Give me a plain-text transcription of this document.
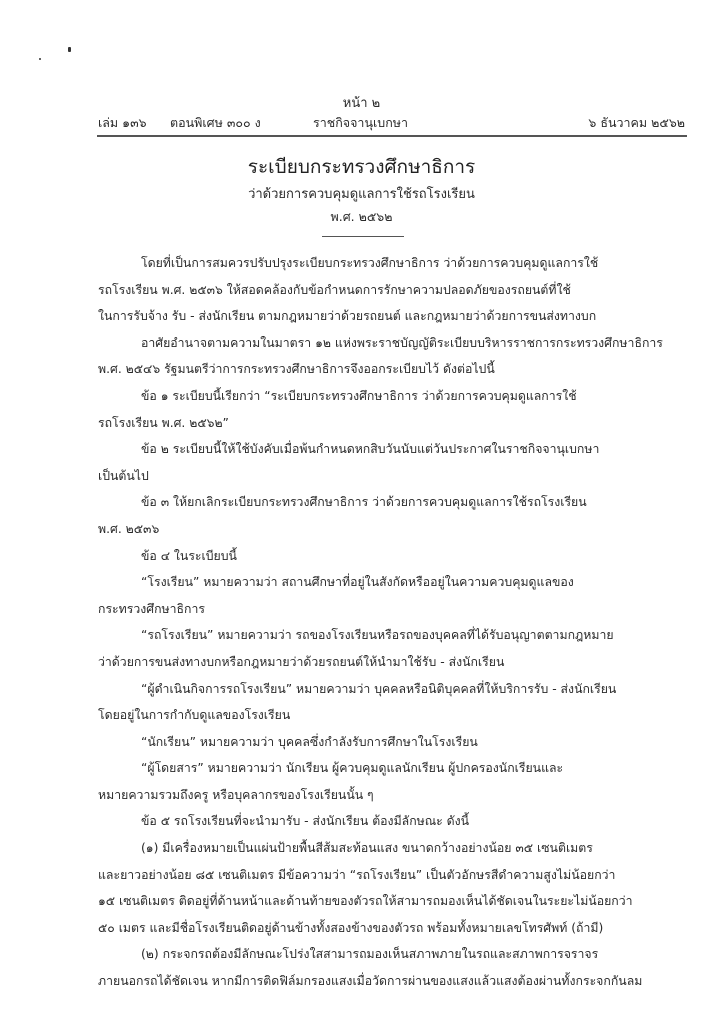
หน้า ๒
เล่ม ๑๓๖ ตอนพิเศษ ๓๐๐ ง	ราชกิจจานุเบกษา	๖ ธันวาคม ๒๕๖๒
ระเบียบกระทรวงศึกษาธิการ
ว่าด้วยการควบคุมดูแลการใช้รถโรงเรียน
พ.ศ. ๒๕๖๒
โดยที่เป็นการสมควรปรับปรุงระเบียบกระทรวงศึกษาธิการ ว่าด้วยการควบคุมดูแลการใช้
รถโรงเรียน พ.ศ. ๒๕๓๖ ให้สอดคล้องกับข้อกำหนดการรักษาความปลอดภัยของรถยนต์ที่ใช้
ในการรับจ้าง รับ - ส่งนักเรียน ตามกฎหมายว่าด้วยรถยนต์ และกฎหมายว่าด้วยการขนส่งทางบก
อาศัยอำนาจตามความในมาตรา ๑๒ แห่งพระราชบัญญัติระเบียบบริหารราชการกระทรวงศึกษาธิการ
พ.ศ. ๒๕๔๖ รัฐมนตรีว่าการกระทรวงศึกษาธิการจึงออกระเบียบไว้ ดังต่อไปนี้
ข้อ ๑ ระเบียบนี้เรียกว่า “ระเบียบกระทรวงศึกษาธิการ ว่าด้วยการควบคุมดูแลการใช้
รถโรงเรียน พ.ศ. ๒๕๖๒”
ข้อ ๒ ระเบียบนี้ให้ใช้บังคับเมื่อพ้นกำหนดหกสิบวันนับแต่วันประกาศในราชกิจจานุเบกษา
เป็นต้นไป
ข้อ ๓ ให้ยกเลิกระเบียบกระทรวงศึกษาธิการ ว่าด้วยการควบคุมดูแลการใช้รถโรงเรียน
พ.ศ. ๒๕๓๖
ข้อ ๔ ในระเบียบนี้
“โรงเรียน” หมายความว่า สถานศึกษาที่อยู่ในสังกัดหรืออยู่ในความควบคุมดูแลของ
กระทรวงศึกษาธิการ
“รถโรงเรียน” หมายความว่า รถของโรงเรียนหรือรถของบุคคลที่ได้รับอนุญาตตามกฎหมาย
ว่าด้วยการขนส่งทางบกหรือกฎหมายว่าด้วยรถยนต์ให้นำมาใช้รับ - ส่งนักเรียน
“ผู้ดำเนินกิจการรถโรงเรียน” หมายความว่า บุคคลหรือนิติบุคคลที่ให้บริการรับ - ส่งนักเรียน
โดยอยู่ในการกำกับดูแลของโรงเรียน
“นักเรียน” หมายความว่า บุคคลซึ่งกำลังรับการศึกษาในโรงเรียน
“ผู้โดยสาร” หมายความว่า นักเรียน ผู้ควบคุมดูแลนักเรียน ผู้ปกครองนักเรียนและ
หมายความรวมถึงครู หรือบุคลากรของโรงเรียนนั้น ๆ
ข้อ ๕ รถโรงเรียนที่จะนำมารับ - ส่งนักเรียน ต้องมีลักษณะ ดังนี้
(๑) มีเครื่องหมายเป็นแผ่นป้ายพื้นสีส้มสะท้อนแสง ขนาดกว้างอย่างน้อย ๓๕ เซนติเมตร
และยาวอย่างน้อย ๘๕ เซนติเมตร มีข้อความว่า “รถโรงเรียน” เป็นตัวอักษรสีดำความสูงไม่น้อยกว่า
๑๕ เซนติเมตร ติดอยู่ที่ด้านหน้าและด้านท้ายของตัวรถให้สามารถมองเห็นได้ชัดเจนในระยะไม่น้อยกว่า
๕๐ เมตร และมีชื่อโรงเรียนติดอยู่ด้านข้างทั้งสองข้างของตัวรถ พร้อมทั้งหมายเลขโทรศัพท์ (ถ้ามี)
(๒) กระจกรถต้องมีลักษณะโปร่งใสสามารถมองเห็นสภาพภายในรถและสภาพการจราจร
ภายนอกรถได้ชัดเจน หากมีการติดฟิล์มกรองแสงเมื่อวัดการผ่านของแสงแล้วแสงต้องผ่านทั้งกระจกกันลม
